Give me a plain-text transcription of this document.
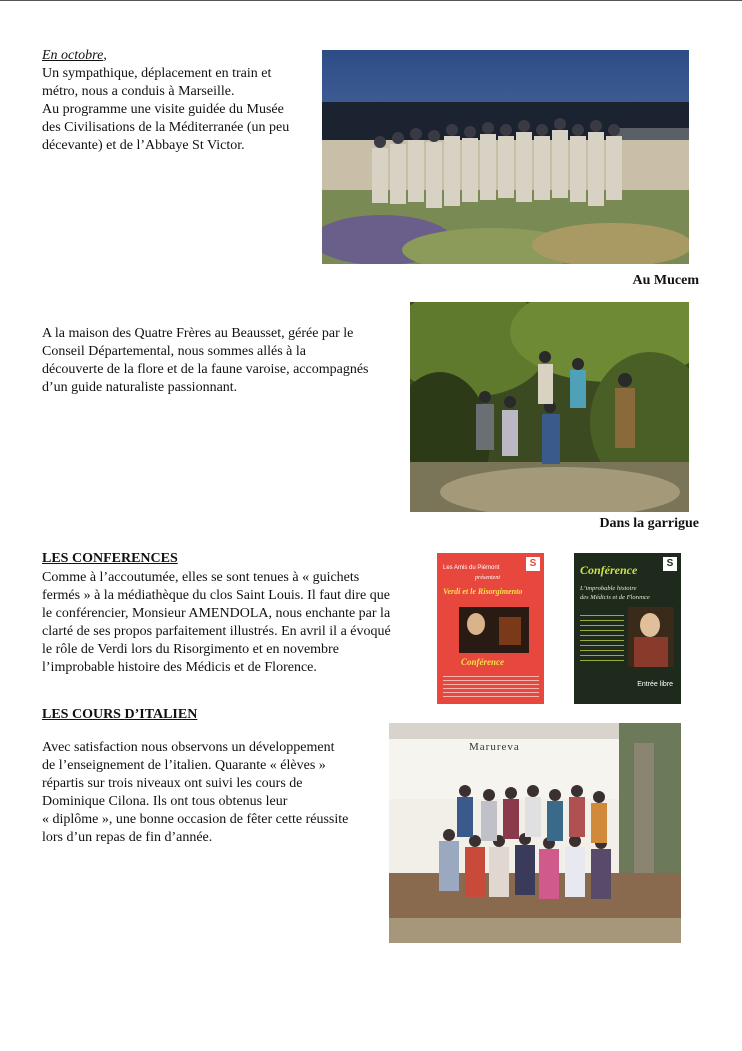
En octobre,

Un sympathique, déplacement en train et

métro, nous a conduis à Marseille.

Au programme une visite guidée du Musée

des Civilisations de la Méditerranée (un peu

décevante) et de l’Abbaye St Victor.

Au Mucem

A la maison des Quatre Frères au Beausset, gérée par le

Conseil Départemental, nous sommes allés à la

découverte de la flore et de la faune varoise, accompagnés

d’un guide naturaliste passionnant.

Dans la garrigue
LES CONFERENCES

Comme à l’accoutumée, elles se sont tenues à « guichets

fermés » à la médiathèque du clos Saint Louis. Il faut dire que

le conférencier, Monsieur AMENDOLA, nous enchante par la

clarté de ses propos parfaitement illustrés. En avril il a évoqué

le rôle de Verdi lors du Risorgimento et en novembre

l’improbable histoire des Médicis et de Florence.

Les Amis du Piémont	S
présentent
Verdi et le Risorgimento
Conférence
Conférence	S
L’improbable histoire
des Médicis et de Florence
Entrée libre
LES COURS D’ITALIEN

Avec satisfaction nous observons un développement

de l’enseignement de l’italien. Quarante « élèves »

répartis sur trois niveaux ont suivi les cours de

Dominique Cilona. Ils ont tous obtenus leur

« diplôme », une bonne occasion de fêter cette réussite

lors d’un repas de fin d’année.

Marureva
